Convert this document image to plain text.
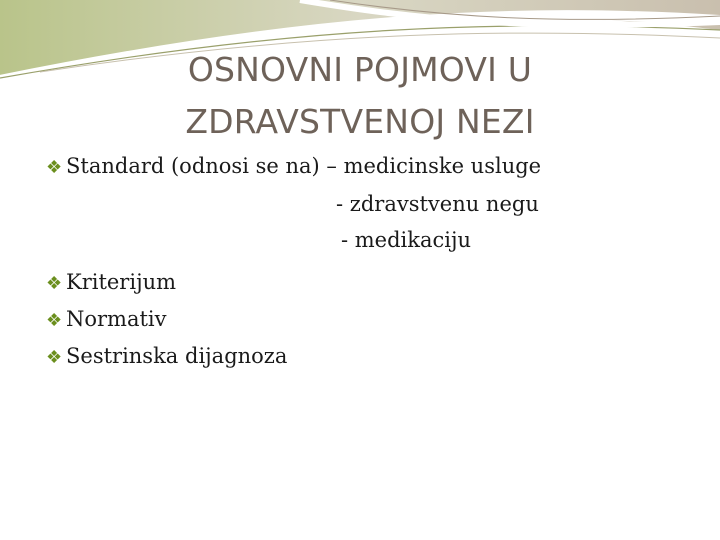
OSNOVNI POJMOVI U
ZDRAVSTVENOJ NEZI
❖ Standard (odnosi se na) – medicinske usluge
- zdravstvenu negu
- medikaciju
❖ Kriterijum
❖ Normativ
❖ Sestrinska dijagnoza
